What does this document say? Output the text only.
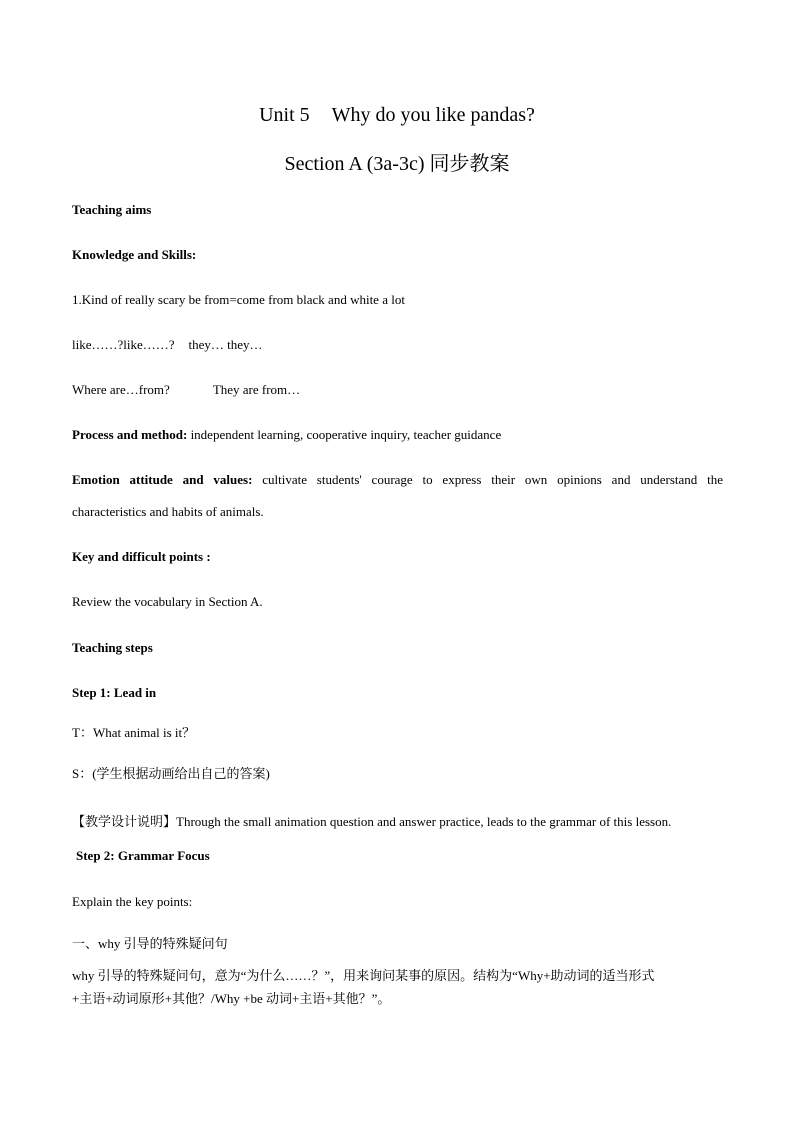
Unit 5 Why do you like pandas?
Section A (3a-3c) 同步教案
Teaching aims
Knowledge and Skills:
1.Kind of really scary be from=come from black and white a lot
like……?like……? they… they…
Where are…from?	They are from…
Process and method: independent learning, cooperative inquiry, teacher guidance
Emotion attitude and values: cultivate students' courage to express their own opinions and understand the
characteristics and habits of animals.
Key and difficult points :
Review the vocabulary in Section A.
Teaching steps
Step 1: Lead in
T：What animal is it？
S：(学生根据动画给出自己的答案)
【教学设计说明】Through the small animation question and answer practice, leads to the grammar of this lesson.
Step 2: Grammar Focus
Explain the key points:
一、why 引导的特殊疑问句
why 引导的特殊疑问句，意为“为什么……？”，用来询问某事的原因。结构为“Why+助动词的适当形式
+主语+动词原形+其他？/Why +be 动词+主语+其他？”。
